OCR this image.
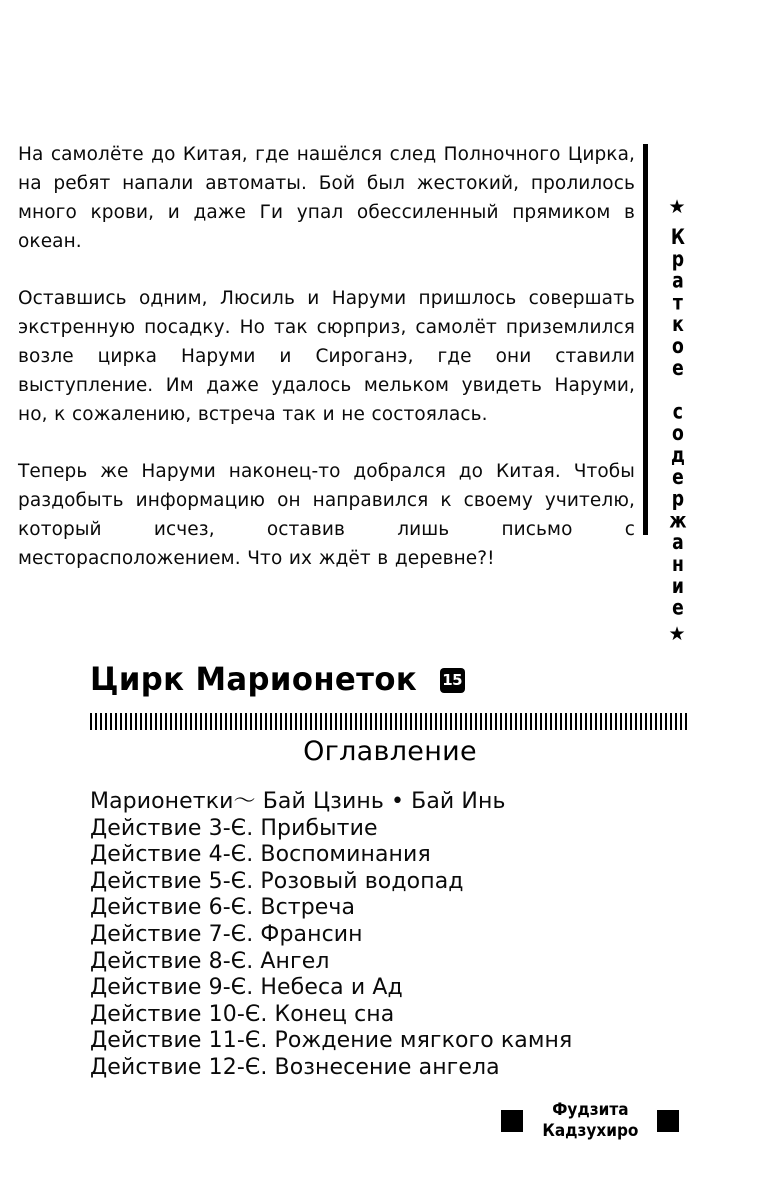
На самолёте до Китая, где нашёлся след Полночного Цирка, на ребят напали автоматы. Бой был жестокий, пролилось много крови, и даже Ги упал обессиленный прямиком в океан.

Оставшись одним, Люсиль и Наруми пришлось совершать экстренную посадку. Но так сюрприз, самолёт приземлился возле цирка Наруми и Сироганэ, где они ставили выступление. Им даже удалось мельком увидеть Наруми, но, к сожалению, встреча так и не состоялась.

Теперь же Наруми наконец-то добрался до Китая. Чтобы раздобыть информацию он направился к своему учителю, который исчез, оставив лишь письмо с месторасположением. Что их ждёт в деревне?!

★
Краткое содержание
★
Цирк Марионеток 15
Оглавление
Марионетки〜 Бай Цзинь • Бай Инь
Действие 3-Є. Прибытие
Действие 4-Є. Воспоминания
Действие 5-Є. Розовый водопад
Действие 6-Є. Встреча
Действие 7-Є. Франсин
Действие 8-Є. Ангел
Действие 9-Є. Небеса и Ад
Действие 10-Є. Конец сна
Действие 11-Є. Рождение мягкого камня
Действие 12-Є. Вознесение ангела
Фудзита
Кадзухиро
